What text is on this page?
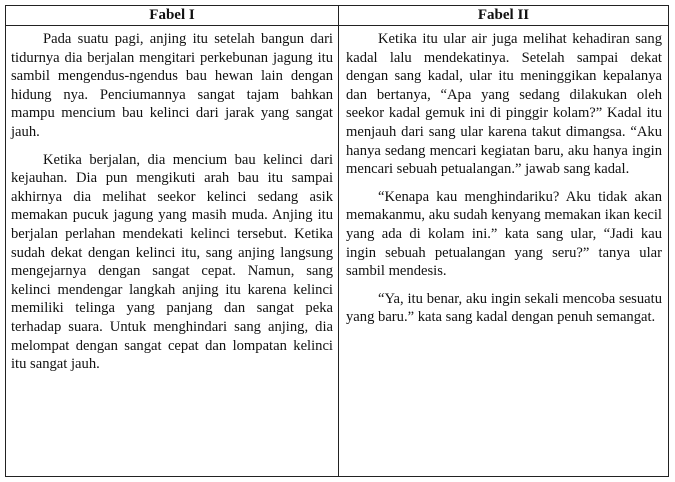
Fabel I	Fabel II

Pada suatu pagi, anjing itu setelah bangun dari tidurnya dia berjalan mengitari perkebunan jagung itu sambil mengendus-ngendus bau hewan lain dengan hidung nya. Penciumannya sangat tajam bahkan mampu mencium bau kelinci dari jarak yang sangat jauh.

Ketika berjalan, dia mencium bau kelinci dari kejauhan. Dia pun mengikuti arah bau itu sampai akhirnya dia melihat seekor kelinci sedang asik memakan pucuk jagung yang masih muda. Anjing itu berjalan perlahan mendekati kelinci tersebut. Ketika sudah dekat dengan kelinci itu, sang anjing langsung mengejarnya dengan sangat cepat. Namun, sang kelinci mendengar langkah anjing itu karena kelinci memiliki telinga yang panjang dan sangat peka terhadap suara. Untuk menghindari sang anjing, dia melompat dengan sangat cepat dan lompatan kelinci itu sangat jauh.

Ketika itu ular air juga melihat kehadiran sang kadal lalu mendekatinya. Setelah sampai dekat dengan sang kadal, ular itu meninggikan kepalanya dan bertanya, “Apa yang sedang dilakukan oleh seekor kadal gemuk ini di pinggir kolam?” Kadal itu menjauh dari sang ular karena takut dimangsa. “Aku hanya sedang mencari kegiatan baru, aku hanya ingin mencari sebuah petualangan.” jawab sang kadal.

“Kenapa kau menghindariku? Aku tidak akan memakanmu, aku sudah kenyang memakan ikan kecil yang ada di kolam ini.” kata sang ular, “Jadi kau ingin sebuah petualangan yang seru?” tanya ular sambil mendesis.

“Ya, itu benar, aku ingin sekali mencoba sesuatu yang baru.” kata sang kadal dengan penuh semangat.
